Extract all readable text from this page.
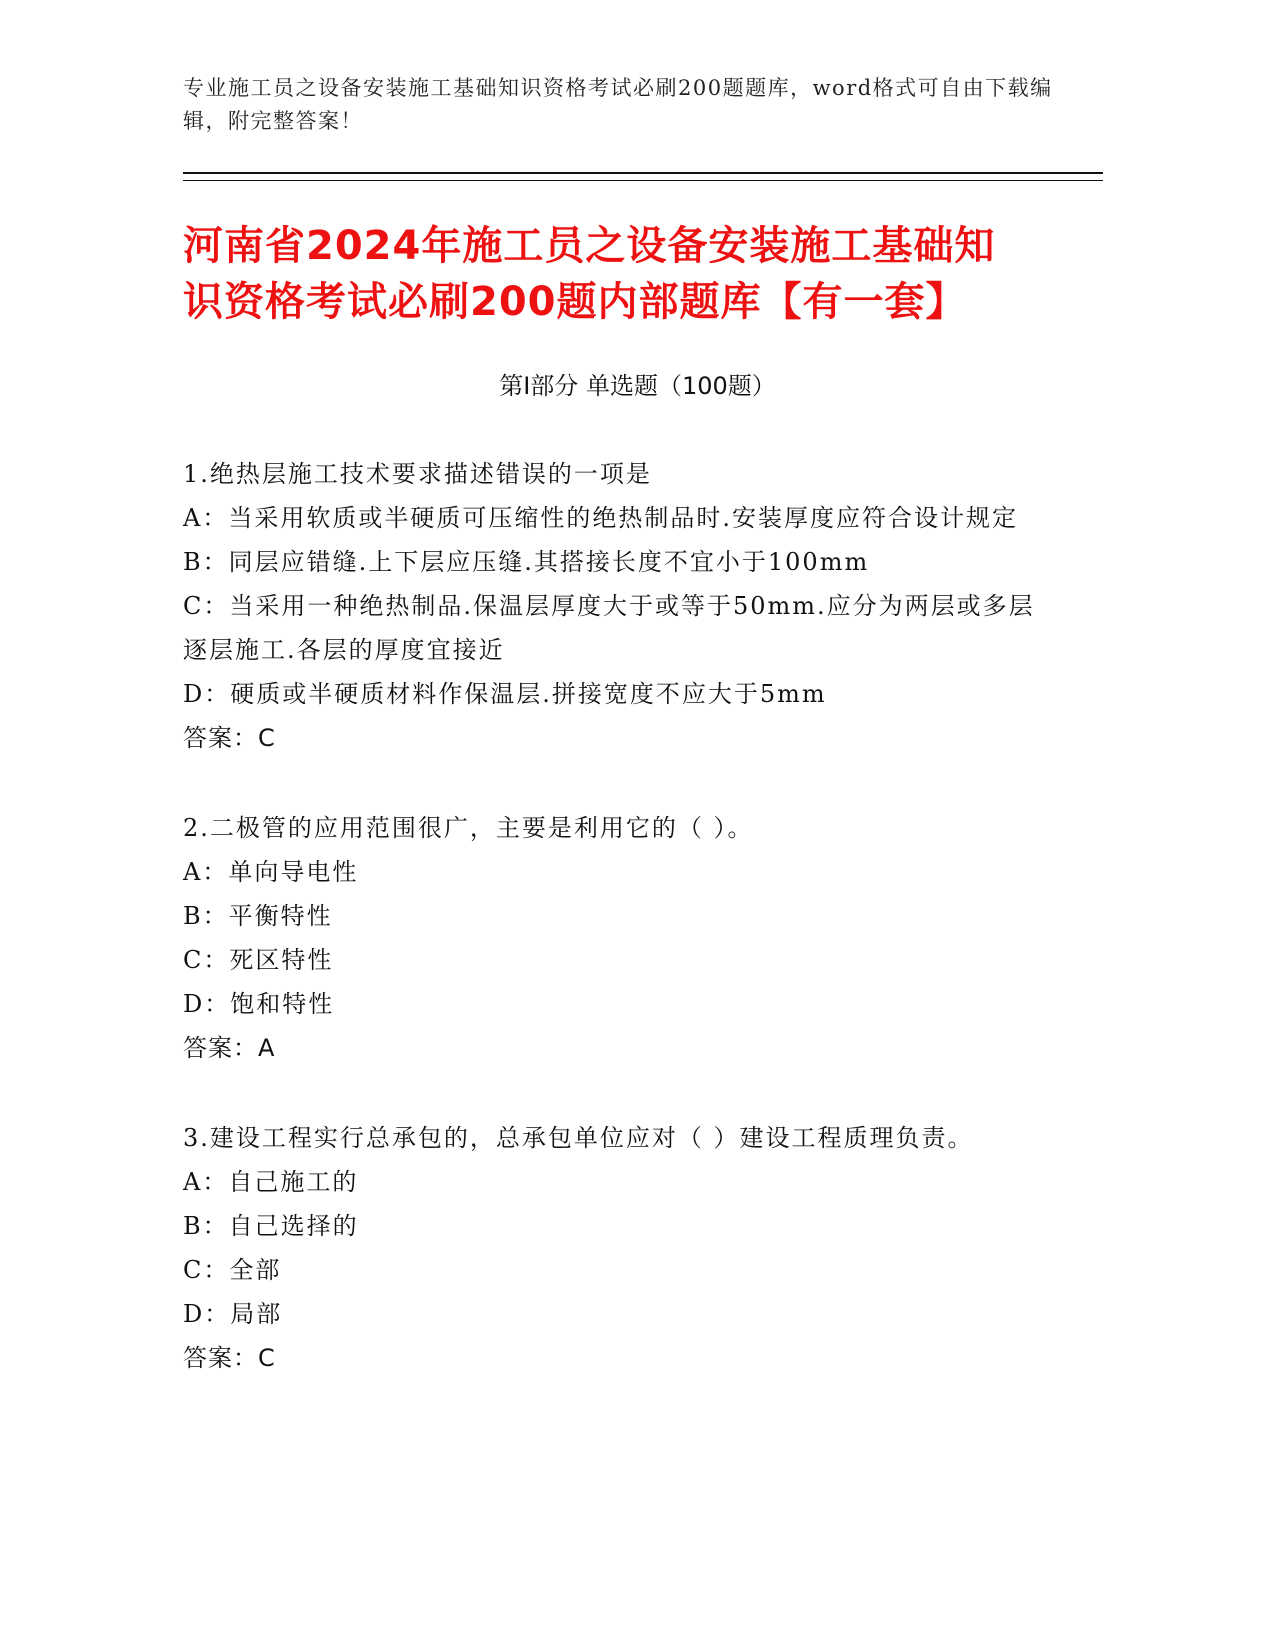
专业施工员之设备安装施工基础知识资格考试必刷200题题库，word格式可自由下载编辑，附完整答案！
河南省2024年施工员之设备安装施工基础知
识资格考试必刷200题内部题库【有一套】
第Ⅰ部分 单选题（100题）
1.绝热层施工技术要求描述错误的一项是
A：当采用软质或半硬质可压缩性的绝热制品时.安装厚度应符合设计规定
B：同层应错缝.上下层应压缝.其搭接长度不宜小于100mm
C：当采用一种绝热制品.保温层厚度大于或等于50mm.应分为两层或多层逐层施工.各层的厚度宜接近
D：硬质或半硬质材料作保温层.拼接宽度不应大于5mm
答案：C
2.二极管的应用范围很广，主要是利用它的（ ）。
A：单向导电性
B：平衡特性
C：死区特性
D：饱和特性
答案：A
3.建设工程实行总承包的，总承包单位应对（ ）建设工程质理负责。
A：自己施工的
B：自己选择的
C：全部
D：局部
答案：C
